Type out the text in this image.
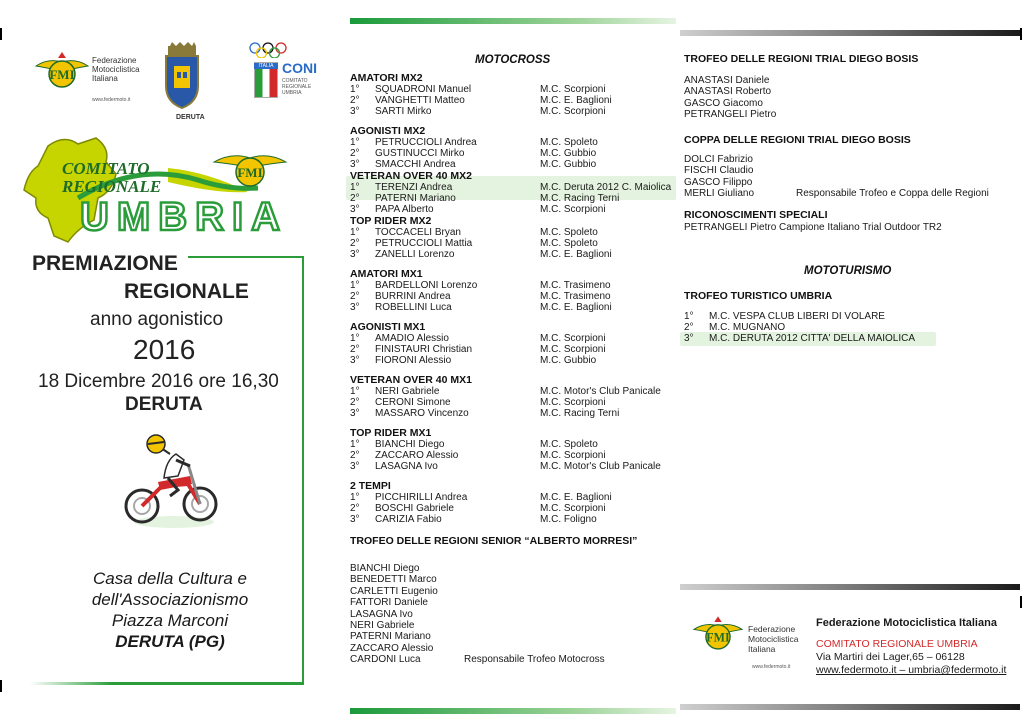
FMI
Federazione
Motociclistica
Italiana
www.federmoto.it
DERUTA
ITALIA CONI
COMITATO
REGIONALE
UMBRIA
FMI
COMITATO
REGIONALE
UMBRIA
PREMIAZIONE
REGIONALE
anno agonistico
2016
18 Dicembre 2016 ore 16,30
DERUTA
Casa della Cultura e
dell'Associazionismo
Piazza Marconi
DERUTA (PG)
MOTOCROSS
AMATORI MX2
1° SQUADRONI Manuel	M.C. Scorpioni
2° VANGHETTI Matteo	M.C. E. Baglioni
3° SARTI Mirko	M.C. Scorpioni
AGONISTI MX2
1° PETRUCCIOLI Andrea	M.C. Spoleto
2° GUSTINUCCI Mirko	M.C. Gubbio
3° SMACCHI Andrea	M.C. Gubbio
VETERAN OVER 40 MX2
1° TERENZI Andrea	M.C. Deruta 2012 C. Maiolica
2° PATERNI Mariano	M.C. Racing Terni
3° PAPA Alberto	M.C. Scorpioni
TOP RIDER MX2
1° TOCCACELI Bryan	M.C. Spoleto
2° PETRUCCIOLI Mattia	M.C. Spoleto
3° ZANELLI Lorenzo	M.C. E. Baglioni
AMATORI MX1
1° BARDELLONI Lorenzo	M.C. Trasimeno
2° BURRINI Andrea	M.C. Trasimeno
3° ROBELLINI Luca	M.C. E. Baglioni
AGONISTI MX1
1° AMADIO Alessio	M.C. Scorpioni
2° FINISTAURI Christian	M.C. Scorpioni
3° FIORONI Alessio	M.C. Gubbio
VETERAN OVER 40 MX1
1° NERI Gabriele	M.C. Motor's Club Panicale
2° CERONI Simone	M.C. Scorpioni
3° MASSARO Vincenzo	M.C. Racing Terni
TOP RIDER MX1
1° BIANCHI Diego	M.C. Spoleto
2° ZACCARO Alessio	M.C. Scorpioni
3° LASAGNA Ivo	M.C. Motor's Club Panicale
2 TEMPI
1° PICCHIRILLI Andrea	M.C. E. Baglioni
2° BOSCHI Gabriele	M.C. Scorpioni
3° CARIZIA Fabio	M.C. Foligno
TROFEO DELLE REGIONI SENIOR “ALBERTO MORRESI”
BIANCHI Diego
BENEDETTI Marco
CARLETTI Eugenio
FATTORI Daniele
LASAGNA Ivo
NERI Gabriele
PATERNI Mariano
ZACCARO Alessio
CARDONI Luca	Responsabile Trofeo Motocross
TROFEO DELLE REGIONI TRIAL DIEGO BOSIS
ANASTASI Daniele
ANASTASI Roberto
GASCO Giacomo
PETRANGELI Pietro
COPPA DELLE REGIONI TRIAL DIEGO BOSIS
DOLCI Fabrizio
FISCHI Claudio
GASCO Filippo
MERLI Giuliano	Responsabile Trofeo e Coppa delle Regioni
RICONOSCIMENTI SPECIALI
PETRANGELI Pietro Campione Italiano Trial Outdoor TR2
MOTOTURISMO
TROFEO TURISTICO UMBRIA
1° M.C. VESPA CLUB LIBERI DI VOLARE
2° M.C. MUGNANO
3° M.C. DERUTA 2012 CITTA' DELLA MAIOLICA
FMI
Federazione
Motociclistica
Italiana
www.federmoto.it
Federazione Motociclistica Italiana
COMITATO REGIONALE UMBRIA
Via Martiri dei Lager,65 – 06128
www.federmoto.it – umbria@federmoto.it
